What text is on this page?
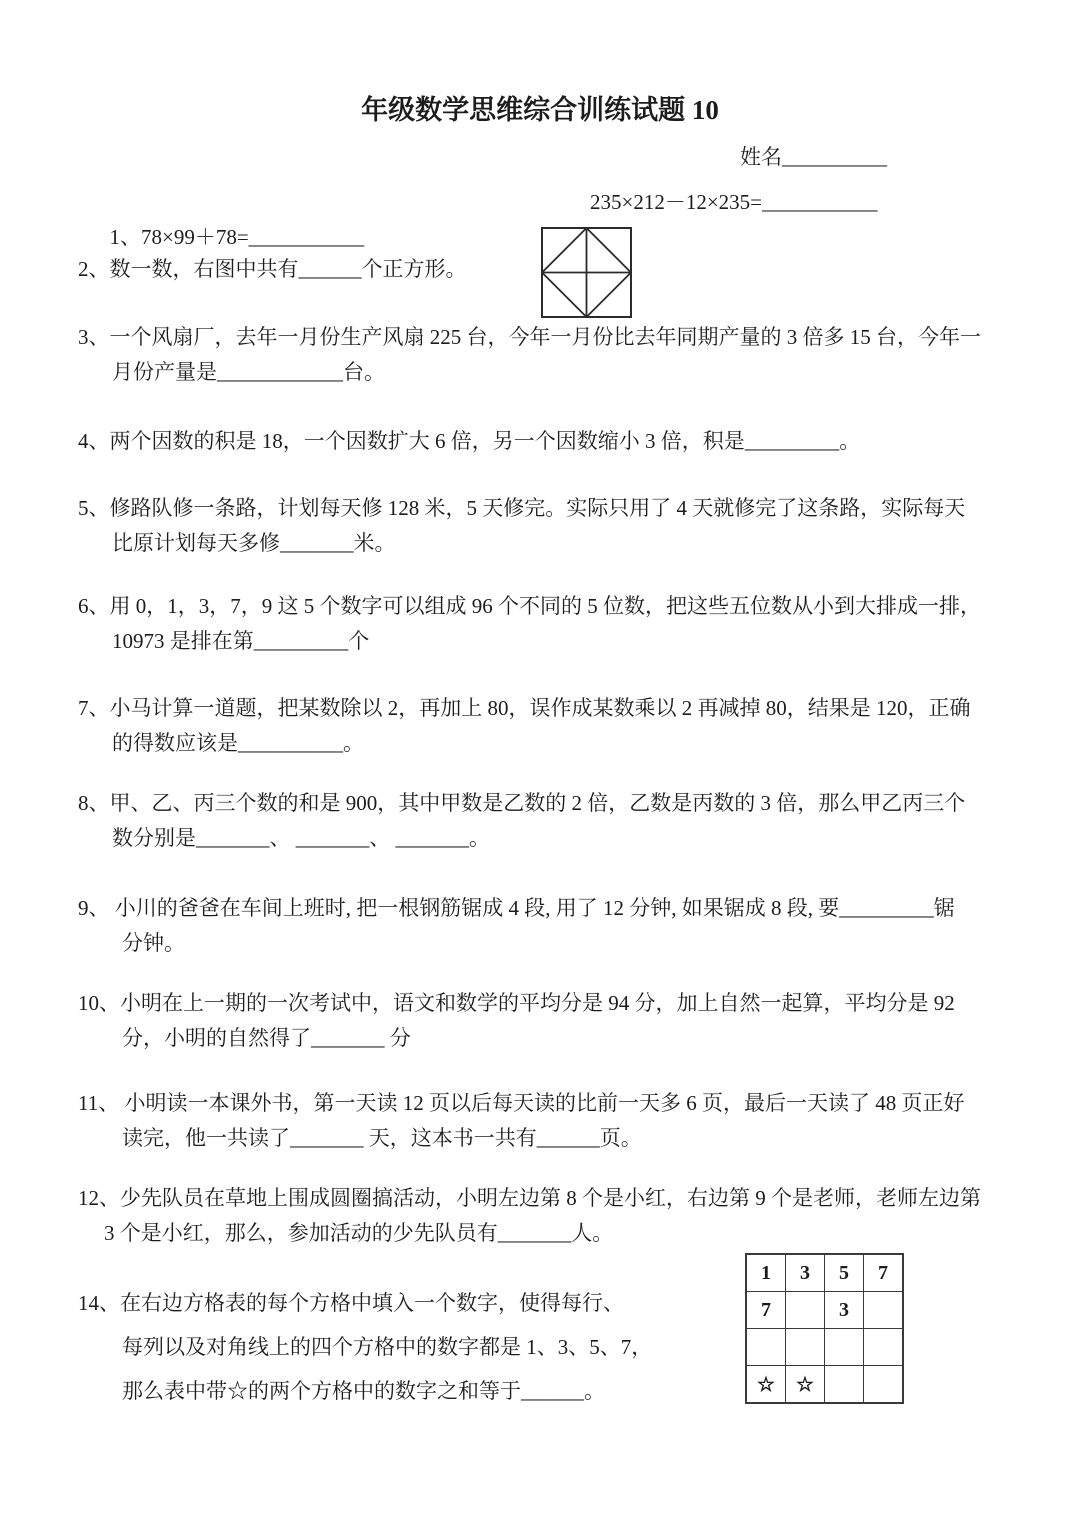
年级数学思维综合训练试题 10
姓名__________

1、78×99＋78=___________

235×212－12×235=___________

2、数一数，右图中共有______个正方形。
3、一个风扇厂，去年一月份生产风扇 225 台，今年一月份比去年同期产量的 3 倍多 15 台，今年一
月份产量是____________台。
4、两个因数的积是 18，一个因数扩大 6 倍，另一个因数缩小 3 倍，积是_________。
5、修路队修一条路，计划每天修 128 米，5 天修完。实际只用了 4 天就修完了这条路，实际每天
比原计划每天多修_______米。
6、用 0，1，3，7，9 这 5 个数字可以组成 96 个不同的 5 位数，把这些五位数从小到大排成一排，
10973 是排在第_________个
7、小马计算一道题，把某数除以 2，再加上 80，误作成某数乘以 2 再减掉 80，结果是 120，正确
的得数应该是__________。
8、甲、乙、丙三个数的和是 900，其中甲数是乙数的 2 倍，乙数是丙数的 3 倍，那么甲乙丙三个
数分别是_______、 _______、 _______。
9、 小川的爸爸在车间上班时, 把一根钢筋锯成 4 段, 用了 12 分钟, 如果锯成 8 段, 要_________锯
分钟。
10、小明在上一期的一次考试中，语文和数学的平均分是 94 分，加上自然一起算，平均分是 92
分，小明的自然得了_______ 分
11、 小明读一本课外书，第一天读 12 页以后每天读的比前一天多 6 页，最后一天读了 48 页正好
读完，他一共读了_______ 天，这本书一共有______页。
12、少先队员在草地上围成圆圈搞活动，小明左边第 8 个是小红，右边第 9 个是老师，老师左边第
3 个是小红，那么，参加活动的少先队员有_______人。
14、在右边方格表的每个方格中填入一个数字，使得每行、
每列以及对角线上的四个方格中的数字都是 1、3、5、7，
那么表中带☆的两个方格中的数字之和等于______。
1	3	5	7
7		3	

☆	☆		
